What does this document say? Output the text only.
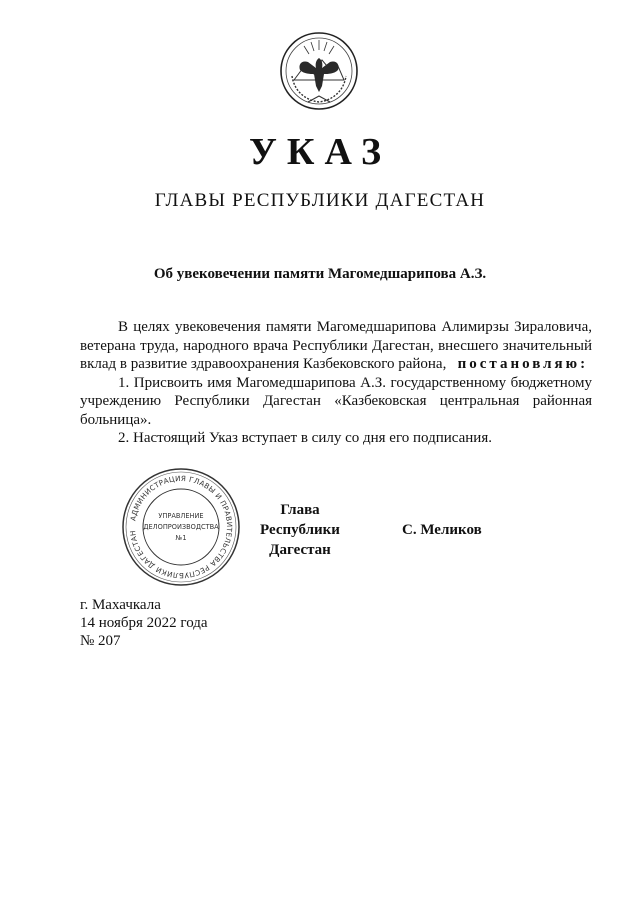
УКАЗ
ГЛАВЫ РЕСПУБЛИКИ ДАГЕСТАН
Об увековечении памяти Магомедшарипова А.З.

В целях увековечения памяти Магомедшарипова Алимирзы Зираловича, ветерана труда, народного врача Республики Дагестан, внесшего значительный вклад в развитие здравоохранения Казбековского района, постановляю:

1. Присвоить имя Магомедшарипова А.З. государственному бюджетному учреждению Республики Дагестан «Казбековская центральная районная больница».

2. Настоящий Указ вступает в силу со дня его подписания.

АДМИНИСТРАЦИЯ ГЛАВЫ И ПРАВИТЕЛЬСТВА РЕСПУБЛИКИ ДАГЕСТАН
УПРАВЛЕНИЕ
ДЕЛОПРОИЗВОДСТВА
№1
Глава
Республики Дагестан
С. Меликов
г. Махачкала
14 ноября 2022 года
№ 207
